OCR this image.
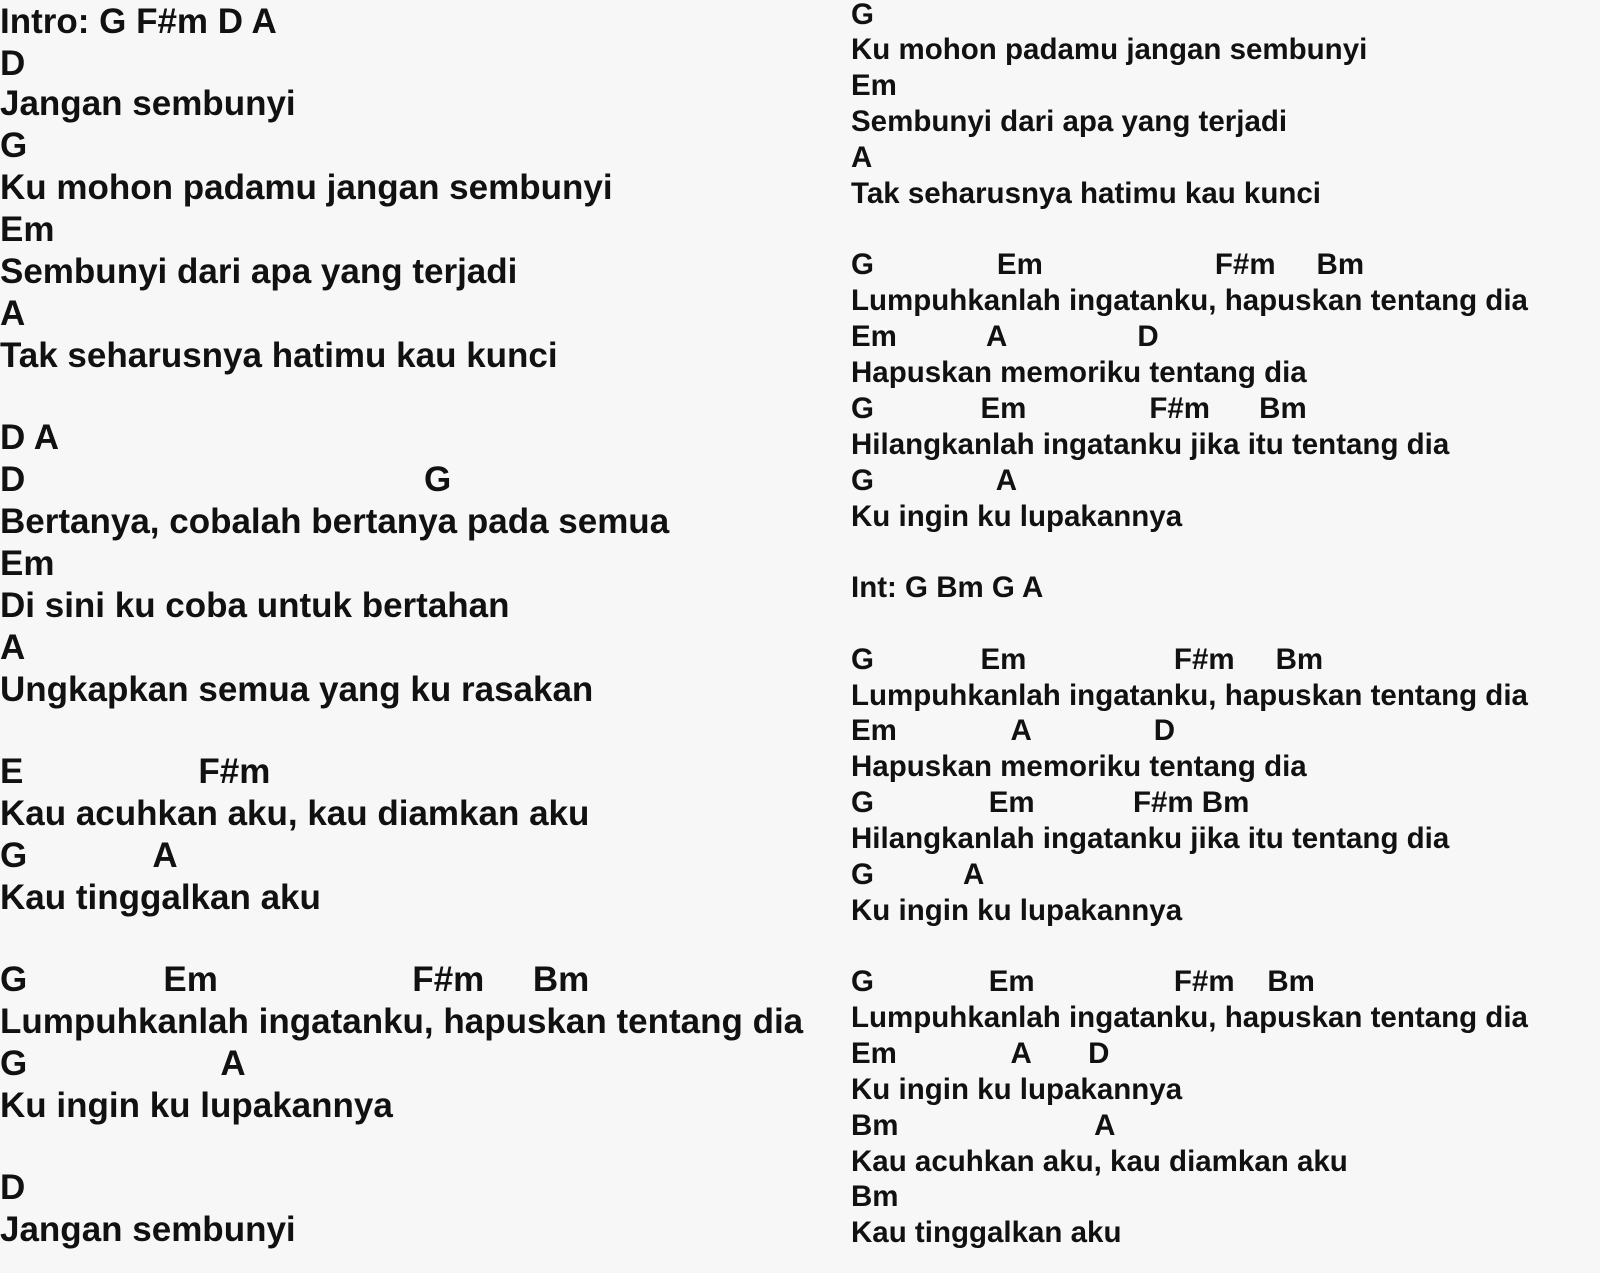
Intro: G F#m D A
D
Jangan sembunyi
G
Ku mohon padamu jangan sembunyi
Em
Sembunyi dari apa yang terjadi
A
Tak seharusnya hatimu kau kunci
D A
D                                         G
Bertanya, cobalah bertanya pada semua
Em
Di sini ku coba untuk bertahan
A
Ungkapkan semua yang ku rasakan
E                  F#m
Kau acuhkan aku, kau diamkan aku
G             A
Kau tinggalkan aku
G              Em                    F#m     Bm
Lumpuhkanlah ingatanku, hapuskan tentang dia
G                    A
Ku ingin ku lupakannya
D
Jangan sembunyi
G
Ku mohon padamu jangan sembunyi
Em
Sembunyi dari apa yang terjadi
A
Tak seharusnya hatimu kau kunci
G               Em                     F#m     Bm
Lumpuhkanlah ingatanku, hapuskan tentang dia
Em           A                D
Hapuskan memoriku tentang dia
G             Em               F#m      Bm
Hilangkanlah ingatanku jika itu tentang dia
G               A
Ku ingin ku lupakannya
Int: G Bm G A
G             Em                  F#m     Bm
Lumpuhkanlah ingatanku, hapuskan tentang dia
Em              A               D
Hapuskan memoriku tentang dia
G              Em            F#m Bm
Hilangkanlah ingatanku jika itu tentang dia
G           A
Ku ingin ku lupakannya
G              Em                 F#m    Bm
Lumpuhkanlah ingatanku, hapuskan tentang dia
Em              A       D
Ku ingin ku lupakannya
Bm                        A
Kau acuhkan aku, kau diamkan aku
Bm
Kau tinggalkan aku
